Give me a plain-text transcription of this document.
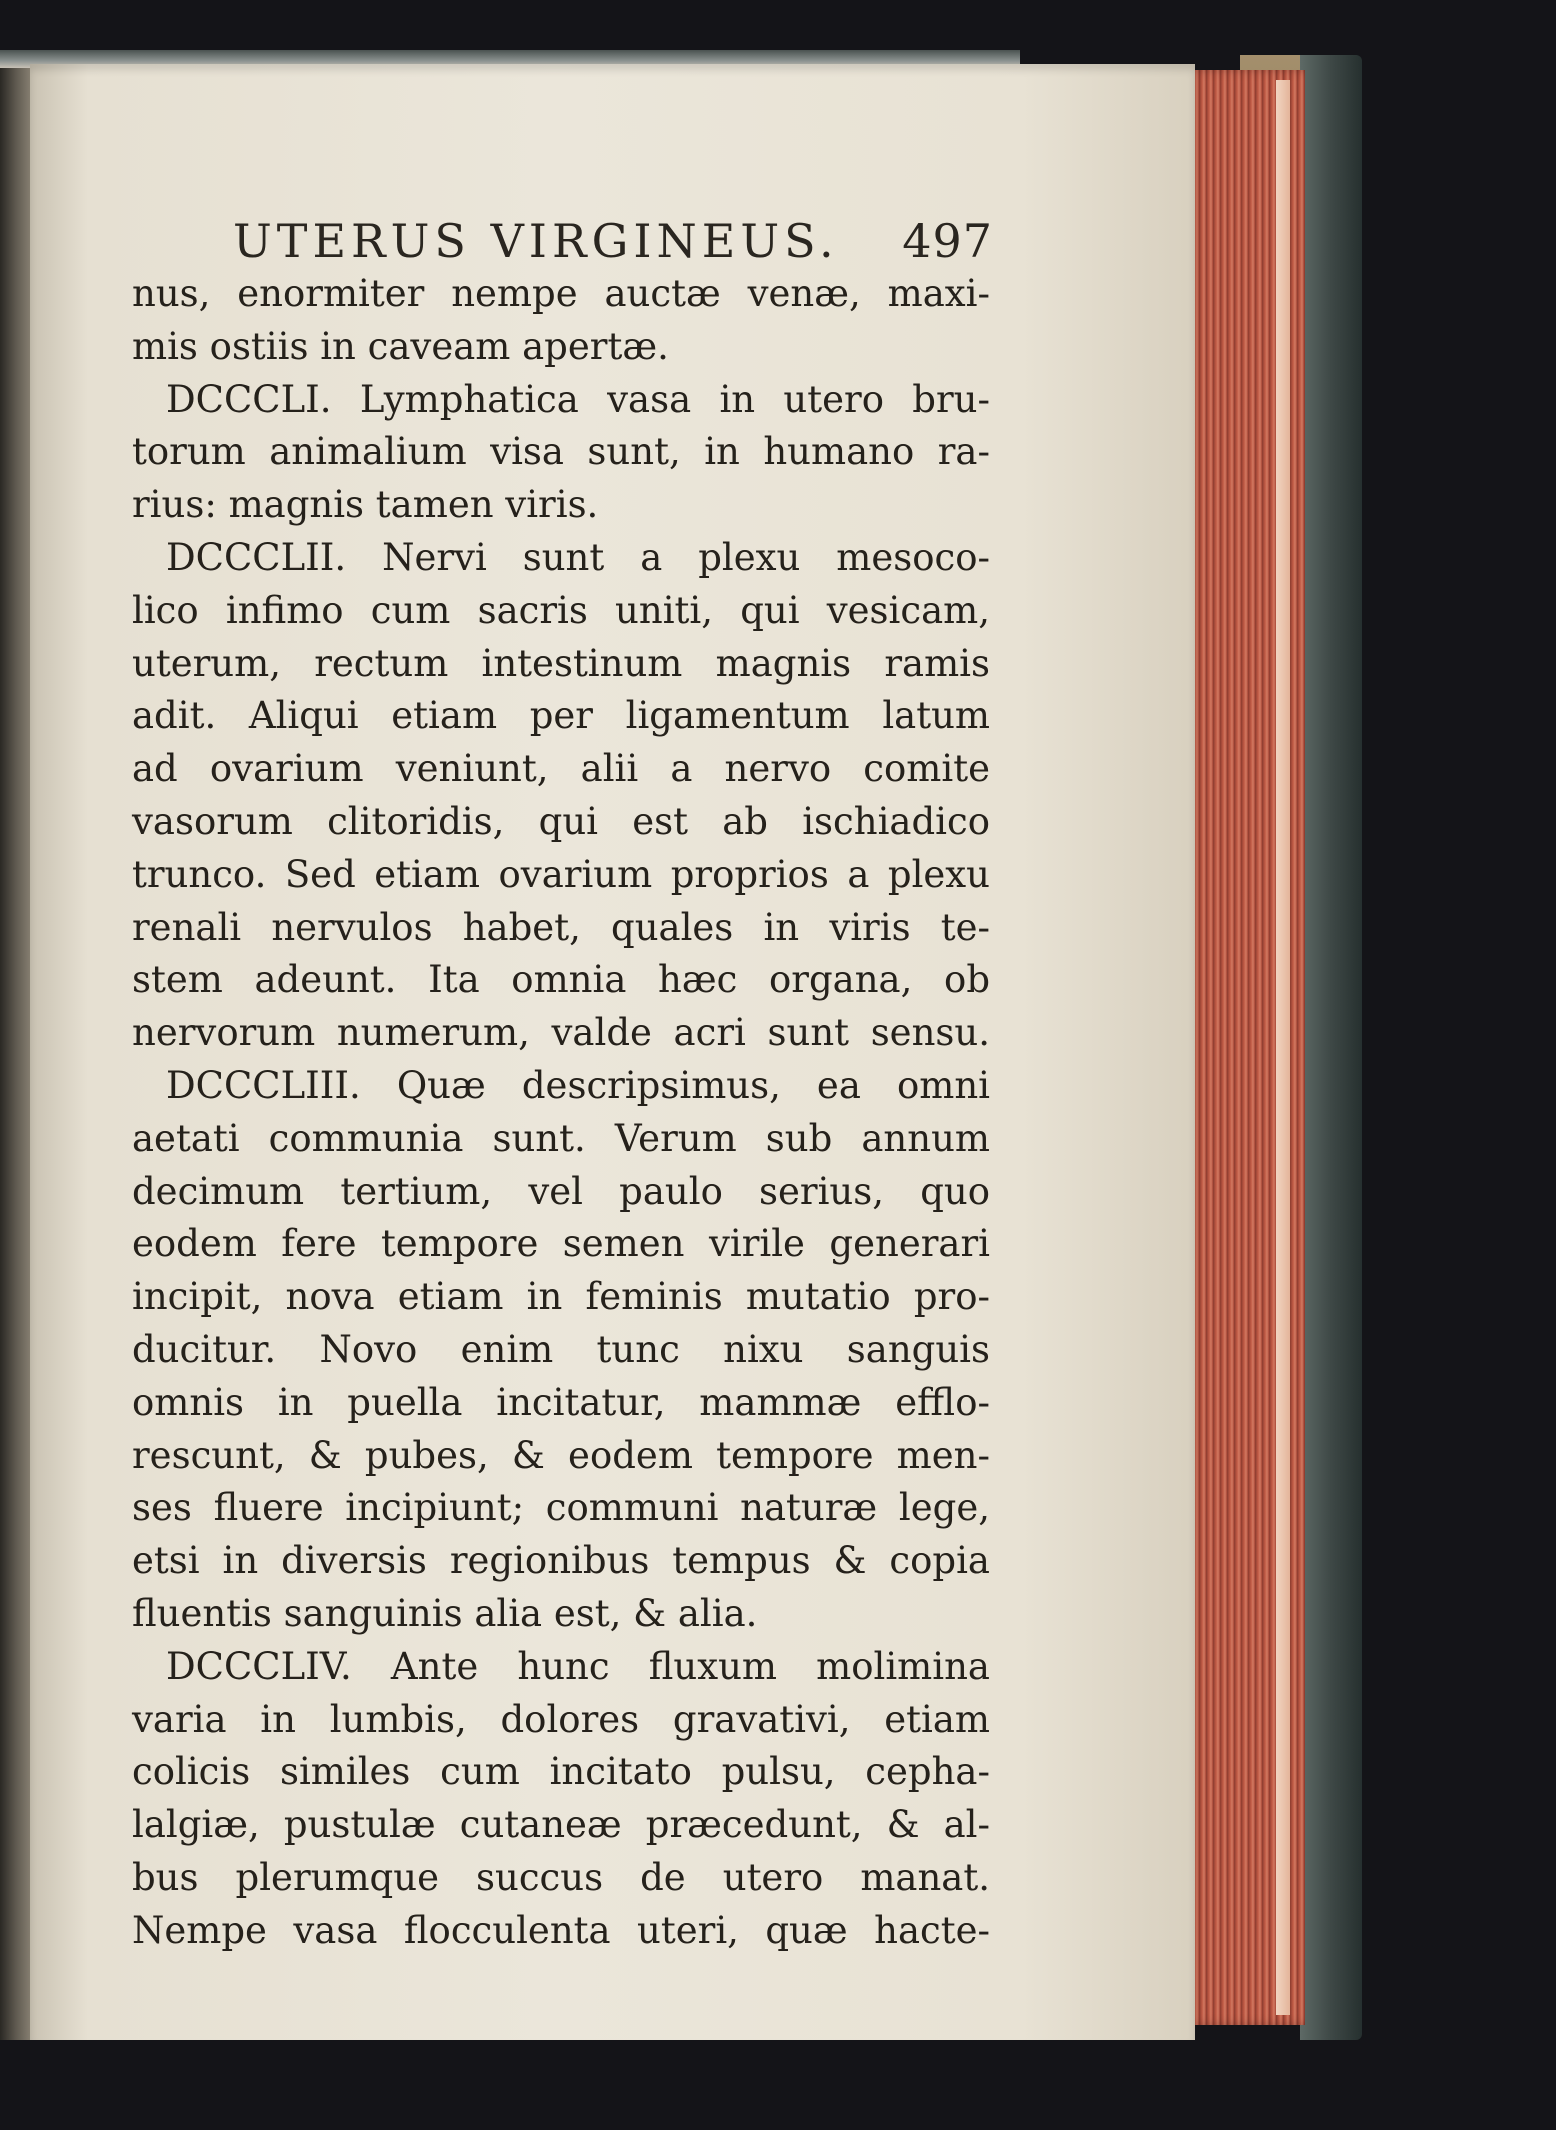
UTERUS VIRGINEUS. 497
nus, enormiter nempe auctæ venæ, maxi-
mis ostiis in caveam apertæ.
DCCCLI. Lymphatica vasa in utero bru-
torum animalium visa sunt, in humano ra-
rius: magnis tamen viris.
DCCCLII. Nervi sunt a plexu mesoco-
lico infimo cum sacris uniti, qui vesicam,
uterum, rectum intestinum magnis ramis
adit. Aliqui etiam per ligamentum latum
ad ovarium veniunt, alii a nervo comite
vasorum clitoridis, qui est ab ischiadico
trunco. Sed etiam ovarium proprios a plexu
renali nervulos habet, quales in viris te-
stem adeunt. Ita omnia hæc organa, ob
nervorum numerum, valde acri sunt sensu.
DCCCLIII. Quæ descripsimus, ea omni
aetati communia sunt. Verum sub annum
decimum tertium, vel paulo serius, quo
eodem fere tempore semen virile generari
incipit, nova etiam in feminis mutatio pro-
ducitur. Novo enim tunc nixu sanguis
omnis in puella incitatur, mammæ efflo-
rescunt, & pubes, & eodem tempore men-
ses fluere incipiunt; communi naturæ lege,
etsi in diversis regionibus tempus & copia
fluentis sanguinis alia est, & alia.
DCCCLIV. Ante hunc fluxum molimina
varia in lumbis, dolores gravativi, etiam
colicis similes cum incitato pulsu, cepha-
lalgiæ, pustulæ cutaneæ præcedunt, & al-
bus plerumque succus de utero manat.
Nempe vasa flocculenta uteri, quæ hacte-
